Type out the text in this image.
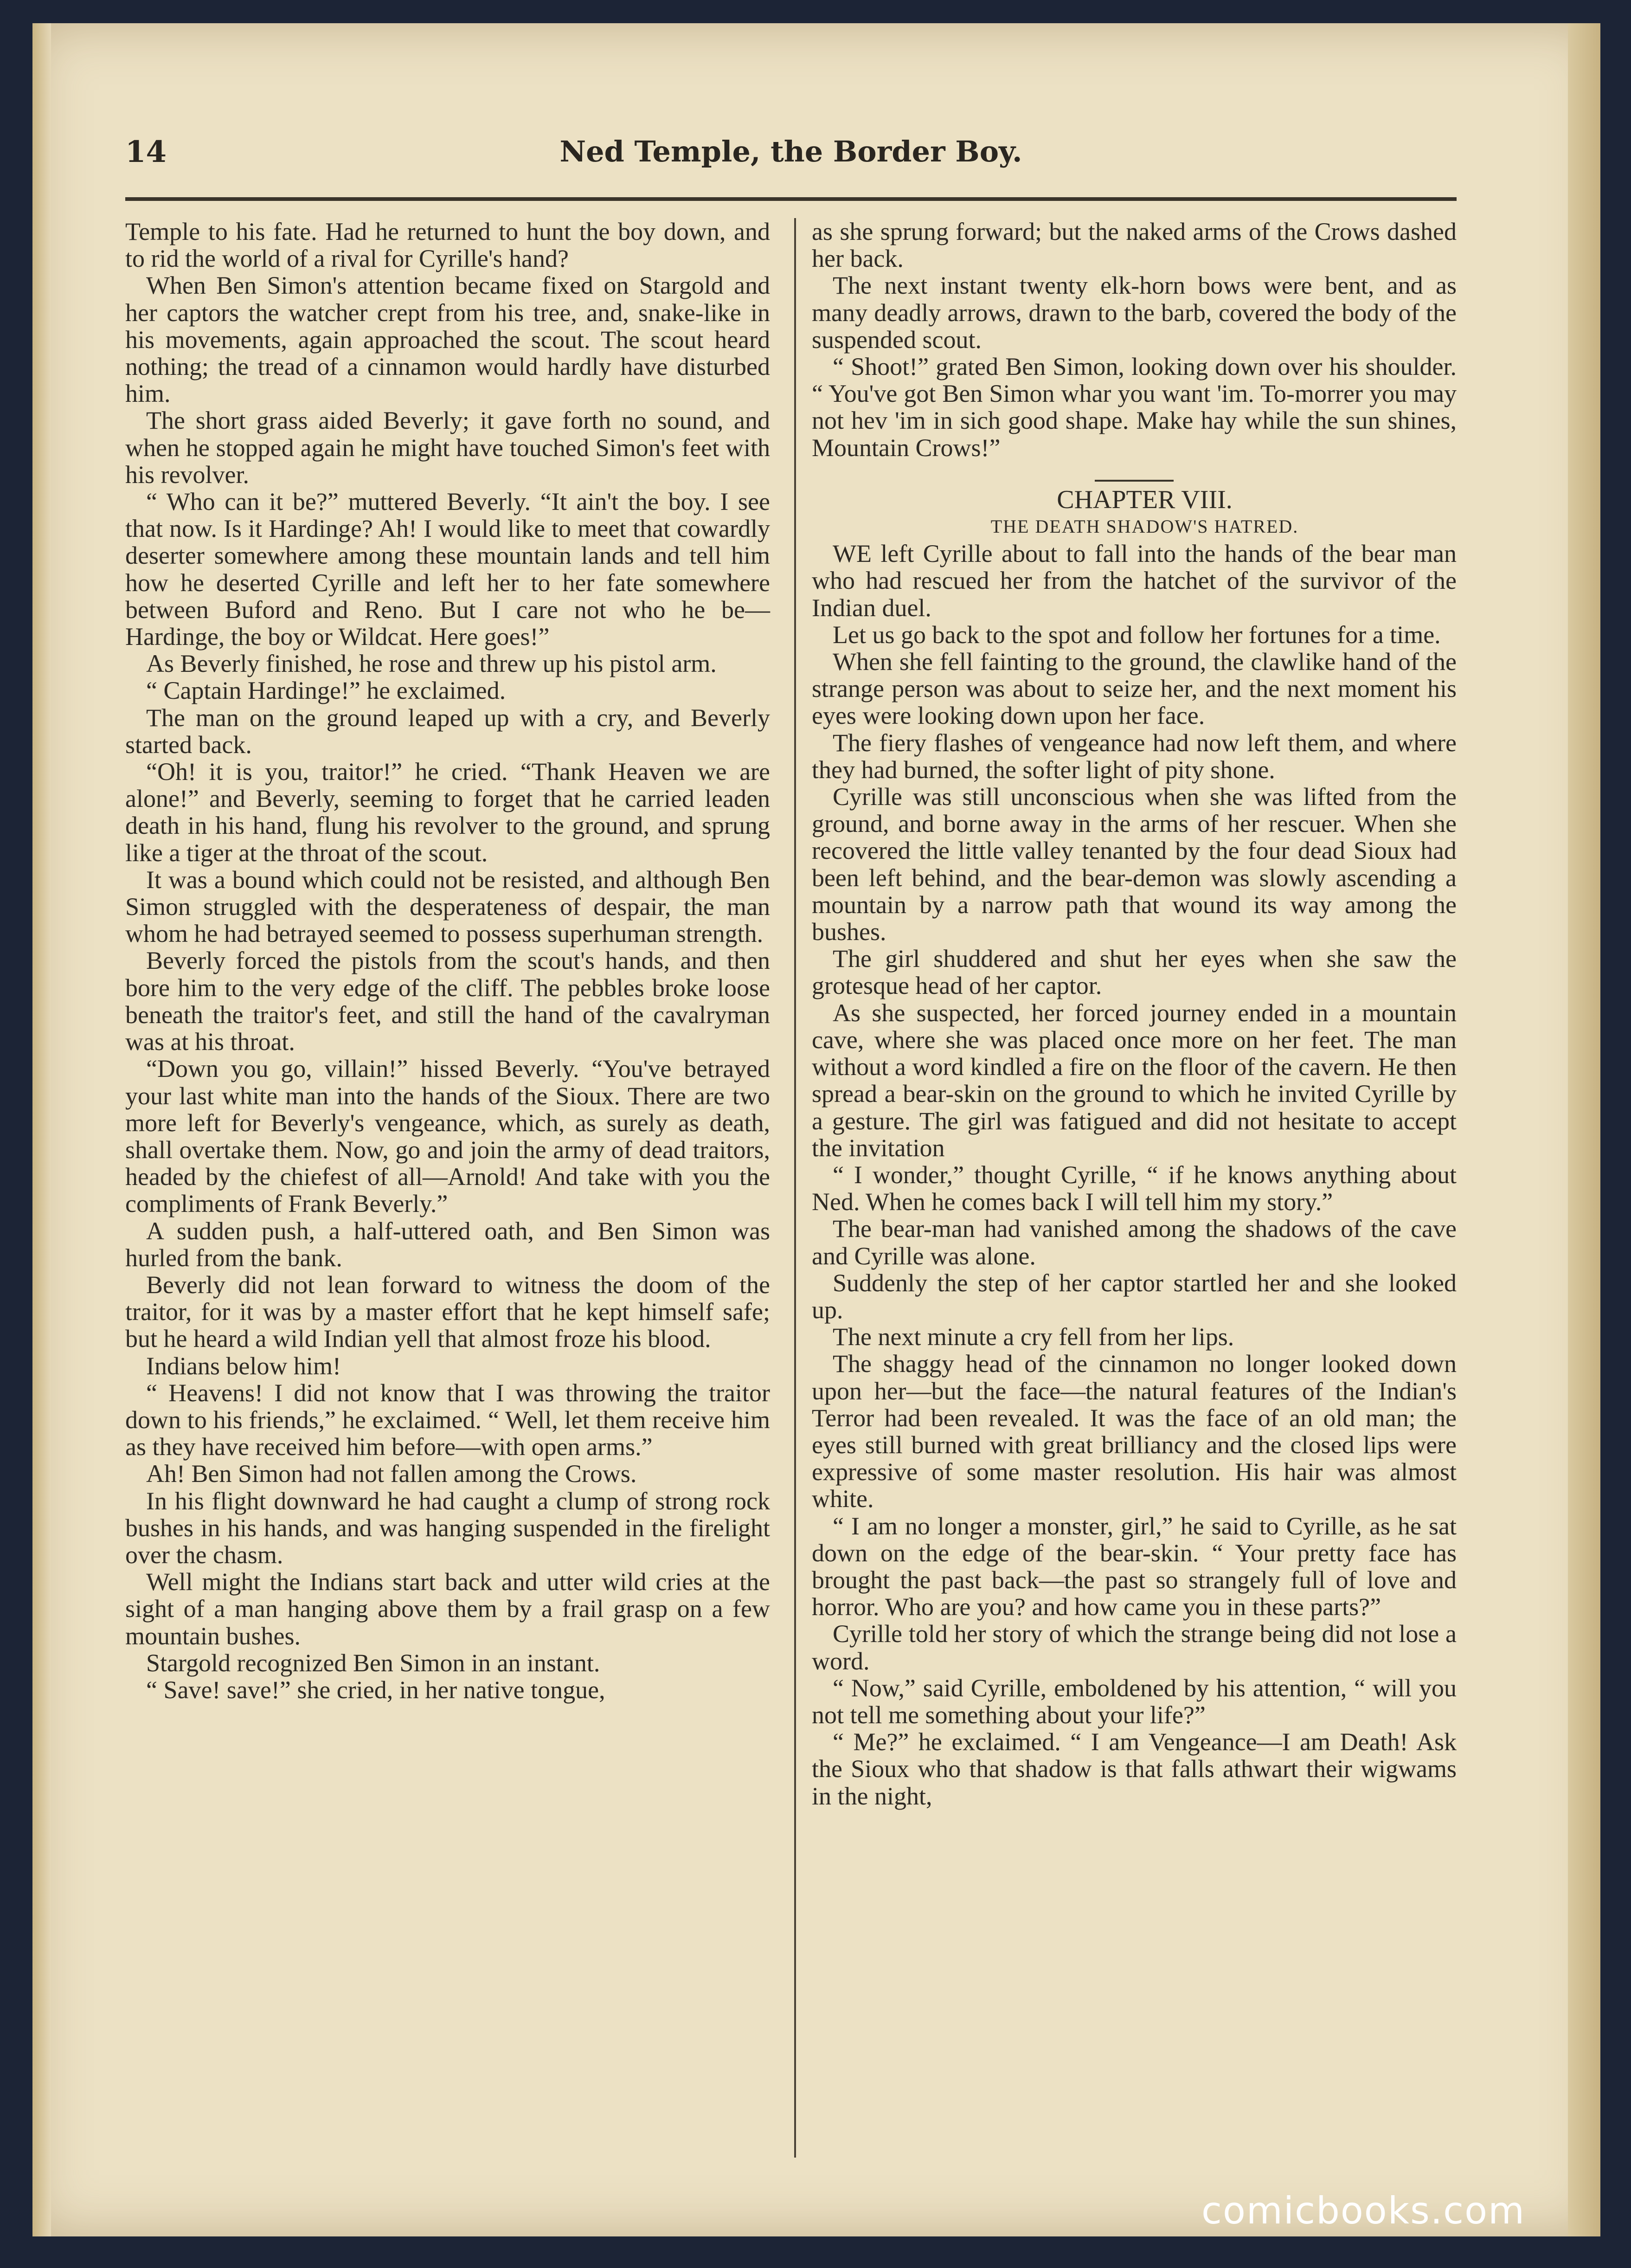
14	Ned Temple, the Border Boy.

Temple to his fate. Had he returned to hunt the boy down, and to rid the world of a rival for Cyrille's hand?

When Ben Simon's attention became fixed on Stargold and her captors the watcher crept from his tree, and, snake-like in his movements, again approached the scout. The scout heard nothing; the tread of a cinnamon would hardly have disturbed him.

The short grass aided Beverly; it gave forth no sound, and when he stopped again he might have touched Simon's feet with his revolver.

“ Who can it be?” muttered Beverly. “It ain't the boy. I see that now. Is it Hardinge? Ah! I would like to meet that cowardly deserter somewhere among these mountain lands and tell him how he deserted Cyrille and left her to her fate somewhere between Buford and Reno. But I care not who he be—Hardinge, the boy or Wildcat. Here goes!”

As Beverly finished, he rose and threw up his pistol arm.

“ Captain Hardinge!” he exclaimed.

The man on the ground leaped up with a cry, and Beverly started back.

“Oh! it is you, traitor!” he cried. “Thank Heaven we are alone!” and Beverly, seeming to forget that he carried leaden death in his hand, flung his revolver to the ground, and sprung like a tiger at the throat of the scout.

It was a bound which could not be resisted, and although Ben Simon struggled with the desperateness of despair, the man whom he had betrayed seemed to possess superhuman strength.

Beverly forced the pistols from the scout's hands, and then bore him to the very edge of the cliff. The pebbles broke loose beneath the traitor's feet, and still the hand of the cavalryman was at his throat.

“Down you go, villain!” hissed Beverly. “You've betrayed your last white man into the hands of the Sioux. There are two more left for Beverly's vengeance, which, as surely as death, shall overtake them. Now, go and join the army of dead traitors, headed by the chiefest of all—Arnold! And take with you the compliments of Frank Beverly.”

A sudden push, a half-uttered oath, and Ben Simon was hurled from the bank.

Beverly did not lean forward to witness the doom of the traitor, for it was by a master effort that he kept himself safe; but he heard a wild Indian yell that almost froze his blood.

Indians below him!

“ Heavens! I did not know that I was throwing the traitor down to his friends,” he exclaimed. “ Well, let them receive him as they have received him before—with open arms.”

Ah! Ben Simon had not fallen among the Crows.

In his flight downward he had caught a clump of strong rock bushes in his hands, and was hanging suspended in the firelight over the chasm.

Well might the Indians start back and utter wild cries at the sight of a man hanging above them by a frail grasp on a few mountain bushes.

Stargold recognized Ben Simon in an instant.

“ Save! save!” she cried, in her native tongue,

as she sprung forward; but the naked arms of the Crows dashed her back.

The next instant twenty elk-horn bows were bent, and as many deadly arrows, drawn to the barb, covered the body of the suspended scout.

“ Shoot!” grated Ben Simon, looking down over his shoulder. “ You've got Ben Simon whar you want 'im. To-morrer you may not hev 'im in sich good shape. Make hay while the sun shines, Mountain Crows!”

CHAPTER VIII.

THE DEATH SHADOW'S HATRED.

WE left Cyrille about to fall into the hands of the bear man who had rescued her from the hatchet of the survivor of the Indian duel.

Let us go back to the spot and follow her fortunes for a time.

When she fell fainting to the ground, the clawlike hand of the strange person was about to seize her, and the next moment his eyes were looking down upon her face.

The fiery flashes of vengeance had now left them, and where they had burned, the softer light of pity shone.

Cyrille was still unconscious when she was lifted from the ground, and borne away in the arms of her rescuer. When she recovered the little valley tenanted by the four dead Sioux had been left behind, and the bear-demon was slowly ascending a mountain by a narrow path that wound its way among the bushes.

The girl shuddered and shut her eyes when she saw the grotesque head of her captor.

As she suspected, her forced journey ended in a mountain cave, where she was placed once more on her feet. The man without a word kindled a fire on the floor of the cavern. He then spread a bear-skin on the ground to which he invited Cyrille by a gesture. The girl was fatigued and did not hesitate to accept the invitation

“ I wonder,” thought Cyrille, “ if he knows anything about Ned. When he comes back I will tell him my story.”

The bear-man had vanished among the shadows of the cave and Cyrille was alone.

Suddenly the step of her captor startled her and she looked up.

The next minute a cry fell from her lips.

The shaggy head of the cinnamon no longer looked down upon her—but the face—the natural features of the Indian's Terror had been revealed. It was the face of an old man; the eyes still burned with great brilliancy and the closed lips were expressive of some master resolution. His hair was almost white.

“ I am no longer a monster, girl,” he said to Cyrille, as he sat down on the edge of the bear-skin. “ Your pretty face has brought the past back—the past so strangely full of love and horror. Who are you? and how came you in these parts?”

Cyrille told her story of which the strange being did not lose a word.

“ Now,” said Cyrille, emboldened by his attention, “ will you not tell me something about your life?”

“ Me?” he exclaimed. “ I am Vengeance—I am Death! Ask the Sioux who that shadow is that falls athwart their wigwams in the night,

comicbooks.com
